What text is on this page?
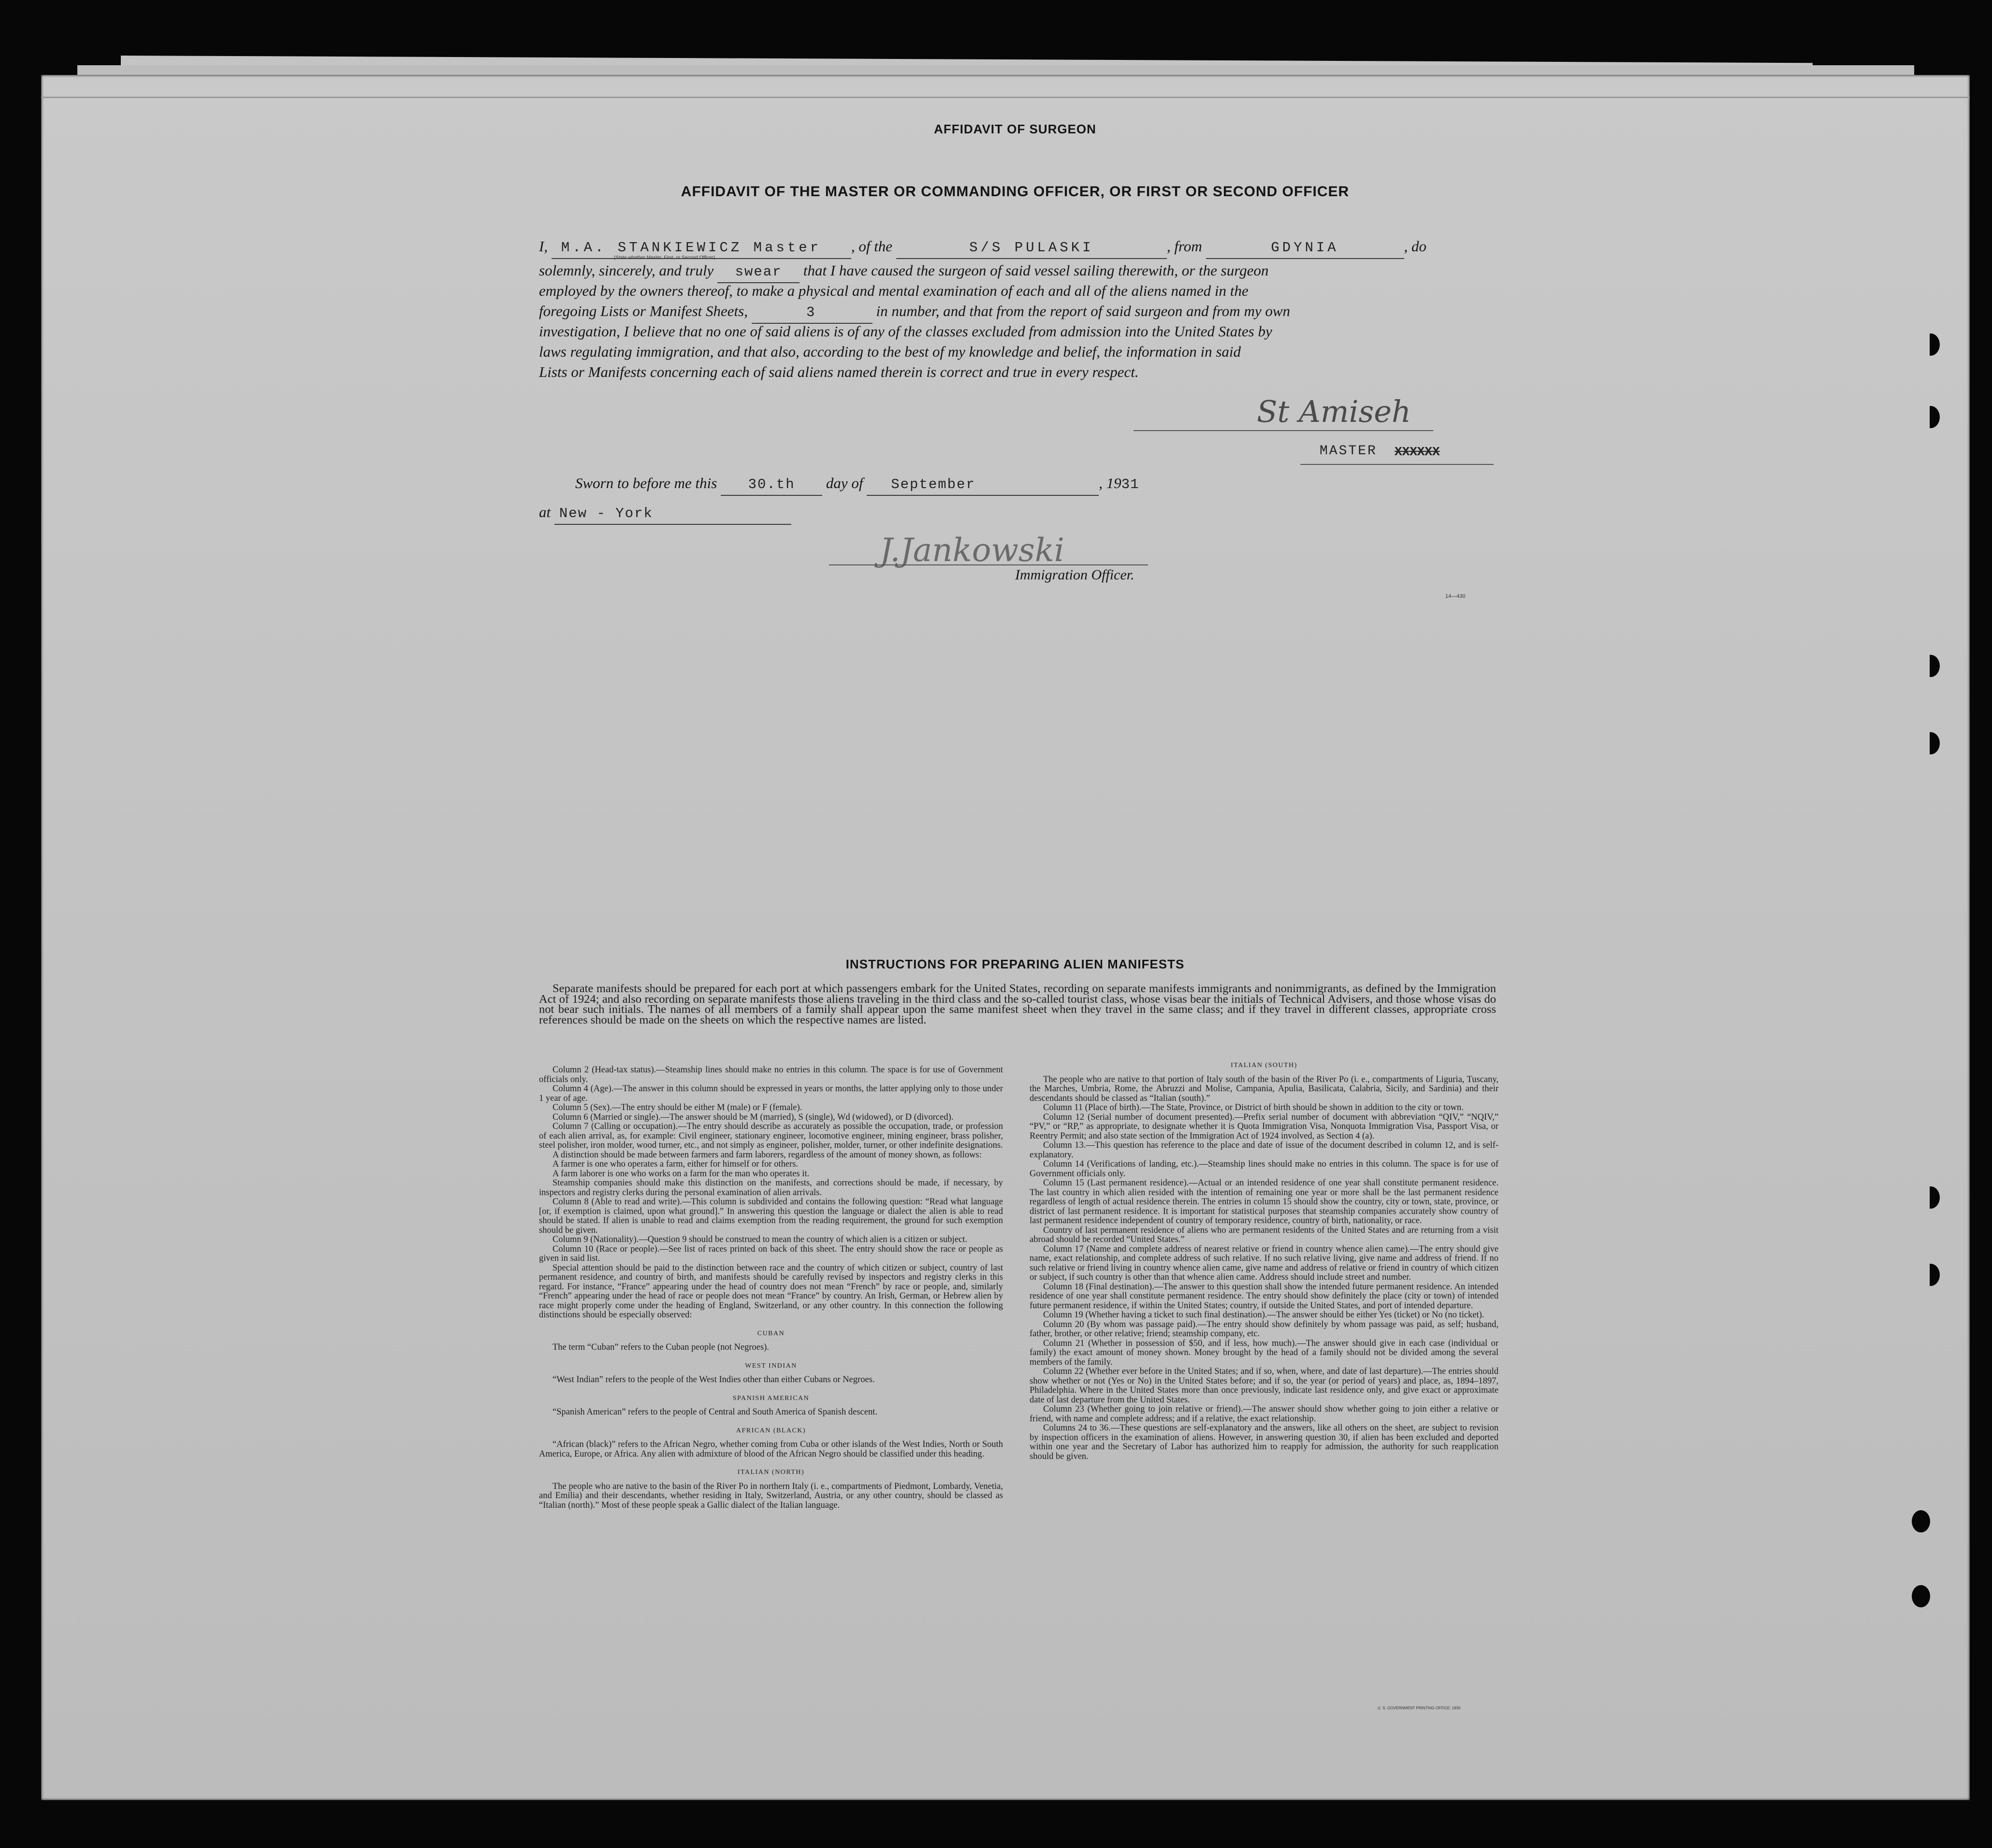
AFFIDAVIT OF SURGEON
AFFIDAVIT OF THE MASTER OR COMMANDING OFFICER, OR FIRST OR SECOND OFFICER
I, M.A. STANKIEWICZ Master , of the	S/S PULASKI	, from	GDYNIA	, do
(State whether Master, First, or Second Officer)
solemnly, sincerely, and truly swear that I have caused the surgeon of said vessel sailing therewith, or the surgeon
employed by the owners thereof, to make a physical and mental examination of each and all of the aliens named in the
foregoing Lists or Manifest Sheets,	3	in number, and that from the report of said surgeon and from my own
investigation, I believe that no one of said aliens is of any of the classes excluded from admission into the United States by
laws regulating immigration, and that also, according to the best of my knowledge and belief, the information in said
Lists or Manifests concerning each of said aliens named therein is correct and true in every respect.
St Amiseh
MASTER XXXXXX
Sworn to before me this 30.th day of September	, 1931
at New - York
J.Jankowski
Immigration Officer.
14—430
INSTRUCTIONS FOR PREPARING ALIEN MANIFESTS

Separate manifests should be prepared for each port at which passengers embark for the United States, recording on separate manifests immigrants and nonimmigrants, as defined by the Immigration Act of 1924; and also recording on separate manifests those aliens traveling in the third class and the so-called tourist class, whose visas bear the initials of Technical Advisers, and those whose visas do not bear such initials. The names of all members of a family shall appear upon the same manifest sheet when they travel in the same class; and if they travel in different classes, appropriate cross references should be made on the sheets on which the respective names are listed.

Column 2 (Head-tax status).—Steamship lines should make no entries in this column. The space is for use of Government officials only.

Column 4 (Age).—The answer in this column should be expressed in years or months, the latter applying only to those under 1 year of age.

Column 5 (Sex).—The entry should be either M (male) or F (female).

Column 6 (Married or single).—The answer should be M (married), S (single), Wd (widowed), or D (divorced).

Column 7 (Calling or occupation).—The entry should describe as accurately as possible the occupation, trade, or profession of each alien arrival, as, for example: Civil engineer, stationary engineer, locomotive engineer, mining engineer, brass polisher, steel polisher, iron molder, wood turner, etc., and not simply as engineer, polisher, molder, turner, or other indefinite designations.

A distinction should be made between farmers and farm laborers, regardless of the amount of money shown, as follows:

A farmer is one who operates a farm, either for himself or for others.

A farm laborer is one who works on a farm for the man who operates it.

Steamship companies should make this distinction on the manifests, and corrections should be made, if necessary, by inspectors and registry clerks during the personal examination of alien arrivals.

Column 8 (Able to read and write).—This column is subdivided and contains the following question: “Read what language [or, if exemption is claimed, upon what ground].” In answering this question the language or dialect the alien is able to read should be stated. If alien is unable to read and claims exemption from the reading requirement, the ground for such exemption should be given.

Column 9 (Nationality).—Question 9 should be construed to mean the country of which alien is a citizen or subject.

Column 10 (Race or people).—See list of races printed on back of this sheet. The entry should show the race or people as given in said list.

Special attention should be paid to the distinction between race and the country of which citizen or subject, country of last permanent residence, and country of birth, and manifests should be carefully revised by inspectors and registry clerks in this regard. For instance, “France” appearing under the head of country does not mean “French” by race or people, and, similarly “French” appearing under the head of race or people does not mean “France” by country. An Irish, German, or Hebrew alien by race might properly come under the heading of England, Switzerland, or any other country. In this connection the following distinctions should be especially observed:

CUBAN

The term “Cuban” refers to the Cuban people (not Negroes).

WEST INDIAN

“West Indian” refers to the people of the West Indies other than either Cubans or Negroes.

SPANISH AMERICAN

“Spanish American” refers to the people of Central and South America of Spanish descent.

AFRICAN (BLACK)

“African (black)” refers to the African Negro, whether coming from Cuba or other islands of the West Indies, North or South America, Europe, or Africa. Any alien with admixture of blood of the African Negro should be classified under this heading.

ITALIAN (NORTH)

The people who are native to the basin of the River Po in northern Italy (i. e., compartments of Piedmont, Lombardy, Venetia, and Emilia) and their descendants, whether residing in Italy, Switzerland, Austria, or any other country, should be classed as “Italian (north).” Most of these people speak a Gallic dialect of the Italian language.

ITALIAN (SOUTH)

The people who are native to that portion of Italy south of the basin of the River Po (i. e., compartments of Liguria, Tuscany, the Marches, Umbria, Rome, the Abruzzi and Molise, Campania, Apulia, Basilicata, Calabria, Sicily, and Sardinia) and their descendants should be classed as “Italian (south).”

Column 11 (Place of birth).—The State, Province, or District of birth should be shown in addition to the city or town.

Column 12 (Serial number of document presented).—Prefix serial number of document with abbreviation “QIV,” “NQIV,” “PV,” or “RP,” as appropriate, to designate whether it is Quota Immigration Visa, Nonquota Immigration Visa, Passport Visa, or Reentry Permit; and also state section of the Immigration Act of 1924 involved, as Section 4 (a).

Column 13.—This question has reference to the place and date of issue of the document described in column 12, and is self-explanatory.

Column 14 (Verifications of landing, etc.).—Steamship lines should make no entries in this column. The space is for use of Government officials only.

Column 15 (Last permanent residence).—Actual or an intended residence of one year shall constitute permanent residence. The last country in which alien resided with the intention of remaining one year or more shall be the last permanent residence regardless of length of actual residence therein. The entries in column 15 should show the country, city or town, state, province, or district of last permanent residence. It is important for statistical purposes that steamship companies accurately show country of last permanent residence independent of country of temporary residence, country of birth, nationality, or race.

Country of last permanent residence of aliens who are permanent residents of the United States and are returning from a visit abroad should be recorded “United States.”

Column 17 (Name and complete address of nearest relative or friend in country whence alien came).—The entry should give name, exact relationship, and complete address of such relative. If no such relative living, give name and address of friend. If no such relative or friend living in country whence alien came, give name and address of relative or friend in country of which citizen or subject, if such country is other than that whence alien came. Address should include street and number.

Column 18 (Final destination).—The answer to this question shall show the intended future permanent residence. An intended residence of one year shall constitute permanent residence. The entry should show definitely the place (city or town) of intended future permanent residence, if within the United States; country, if outside the United States, and port of intended departure.

Column 19 (Whether having a ticket to such final destination).—The answer should be either Yes (ticket) or No (no ticket).

Column 20 (By whom was passage paid).—The entry should show definitely by whom passage was paid, as self; husband, father, brother, or other relative; friend; steamship company, etc.

Column 21 (Whether in possession of $50, and if less, how much).—The answer should give in each case (individual or family) the exact amount of money shown. Money brought by the head of a family should not be divided among the several members of the family.

Column 22 (Whether ever before in the United States; and if so, when, where, and date of last departure).—The entries should show whether or not (Yes or No) in the United States before; and if so, the year (or period of years) and place, as, 1894–1897, Philadelphia. Where in the United States more than once previously, indicate last residence only, and give exact or approximate date of last departure from the United States.

Column 23 (Whether going to join relative or friend).—The answer should show whether going to join either a relative or friend, with name and complete address; and if a relative, the exact relationship.

Columns 24 to 36.—These questions are self-explanatory and the answers, like all others on the sheet, are subject to revision by inspection officers in the examination of aliens. However, in answering question 30, if alien has been excluded and deported within one year and the Secretary of Labor has authorized him to reapply for admission, the authority for such reapplication should be given.

U. S. GOVERNMENT PRINTING OFFICE: 1930
